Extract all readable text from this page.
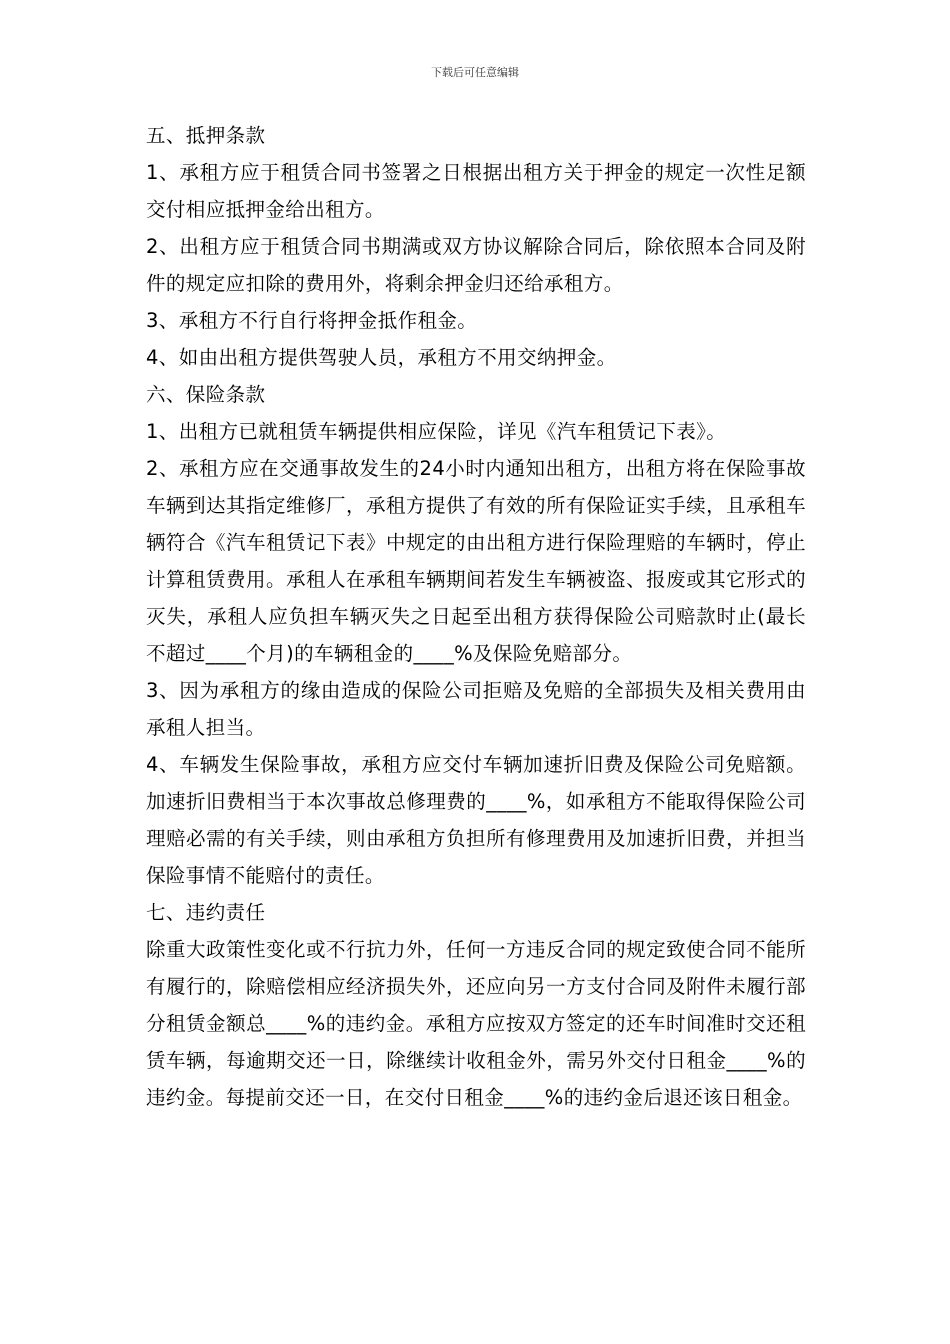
下载后可任意编辑

五、抵押条款

1、承租方应于租赁合同书签署之日根据出租方关于押金的规定一次性足额交付相应抵押金给出租方。

2、出租方应于租赁合同书期满或双方协议解除合同后，除依照本合同及附件的规定应扣除的费用外，将剩余押金归还给承租方。

3、承租方不行自行将押金抵作租金。

4、如由出租方提供驾驶人员，承租方不用交纳押金。

六、保险条款

1、出租方已就租赁车辆提供相应保险，详见《汽车租赁记下表》。

2、承租方应在交通事故发生的24小时内通知出租方，出租方将在保险事故车辆到达其指定维修厂，承租方提供了有效的所有保险证实手续，且承租车辆符合《汽车租赁记下表》中规定的由出租方进行保险理赔的车辆时，停止计算租赁费用。承租人在承租车辆期间若发生车辆被盗、报废或其它形式的灭失，承租人应负担车辆灭失之日起至出租方获得保险公司赔款时止(最长不超过____个月)的车辆租金的____%及保险免赔部分。

3、因为承租方的缘由造成的保险公司拒赔及免赔的全部损失及相关费用由承租人担当。

4、车辆发生保险事故，承租方应交付车辆加速折旧费及保险公司免赔额。加速折旧费相当于本次事故总修理费的____%，如承租方不能取得保险公司理赔必需的有关手续，则由承租方负担所有修理费用及加速折旧费，并担当保险事情不能赔付的责任。

七、违约责任

除重大政策性变化或不行抗力外，任何一方违反合同的规定致使合同不能所有履行的，除赔偿相应经济损失外，还应向另一方支付合同及附件未履行部分租赁金额总____%的违约金。承租方应按双方签定的还车时间准时交还租赁车辆，每逾期交还一日，除继续计收租金外，需另外交付日租金____%的违约金。每提前交还一日，在交付日租金____%的违约金后退还该日租金。
